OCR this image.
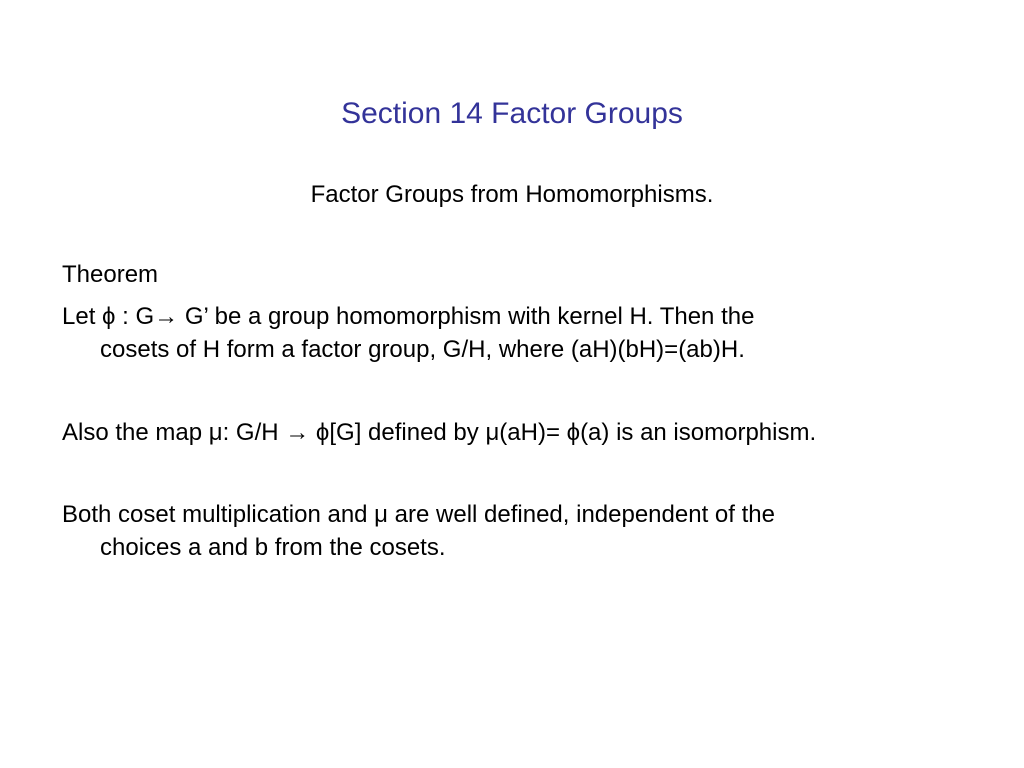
Section 14 Factor Groups

Factor Groups from Homomorphisms.

Theorem

Let ϕ : G→ G’ be a group homomorphism with kernel H. Then the
cosets of H form a factor group, G/H, where (aH)(bH)=(ab)H.

Also the map μ: G/H → ϕ[G] defined by μ(aH)= ϕ(a) is an isomorphism.

Both coset multiplication and μ are well defined, independent of the
choices a and b from the cosets.
